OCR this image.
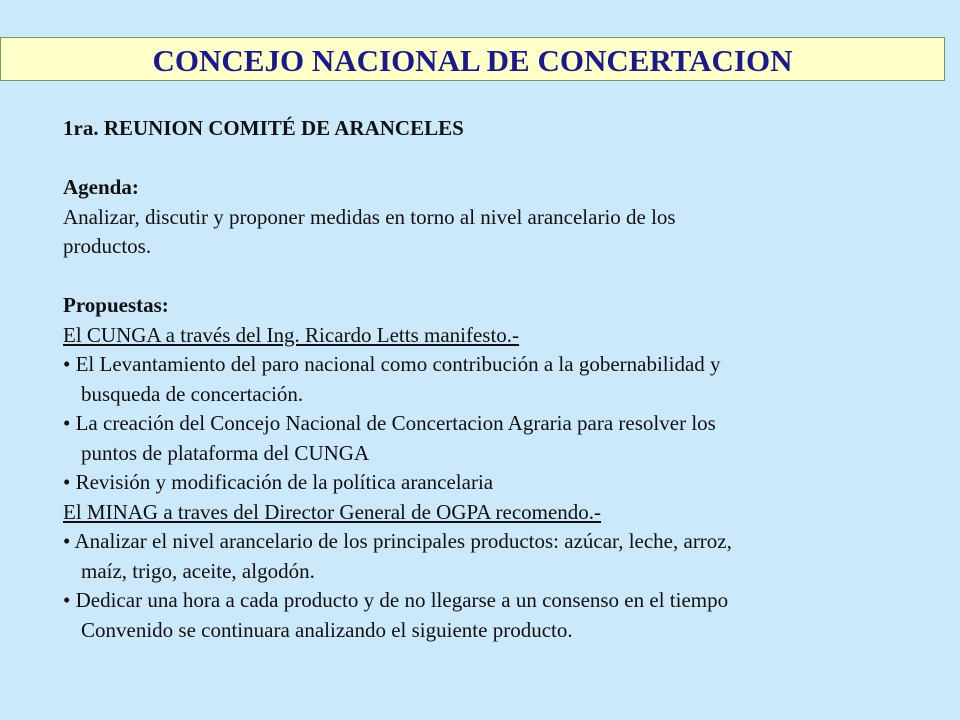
CONCEJO NACIONAL DE CONCERTACION
1ra. REUNION COMITÉ DE ARANCELES
Agenda:
Analizar, discutir y proponer medidas en torno al nivel arancelario de los
productos.
Propuestas:
El CUNGA a través del Ing. Ricardo Letts manifesto.-
• El Levantamiento del paro nacional como contribución a la gobernabilidad y
busqueda de concertación.
• La creación del Concejo Nacional de Concertacion Agraria para resolver los
puntos de plataforma del CUNGA
• Revisión y modificación de la política arancelaria
El MINAG a traves del Director General de OGPA recomendo.-
• Analizar el nivel arancelario de los principales productos: azúcar, leche, arroz,
maíz, trigo, aceite, algodón.
• Dedicar una hora a cada producto y de no llegarse a un consenso en el tiempo
Convenido se continuara analizando el siguiente producto.
